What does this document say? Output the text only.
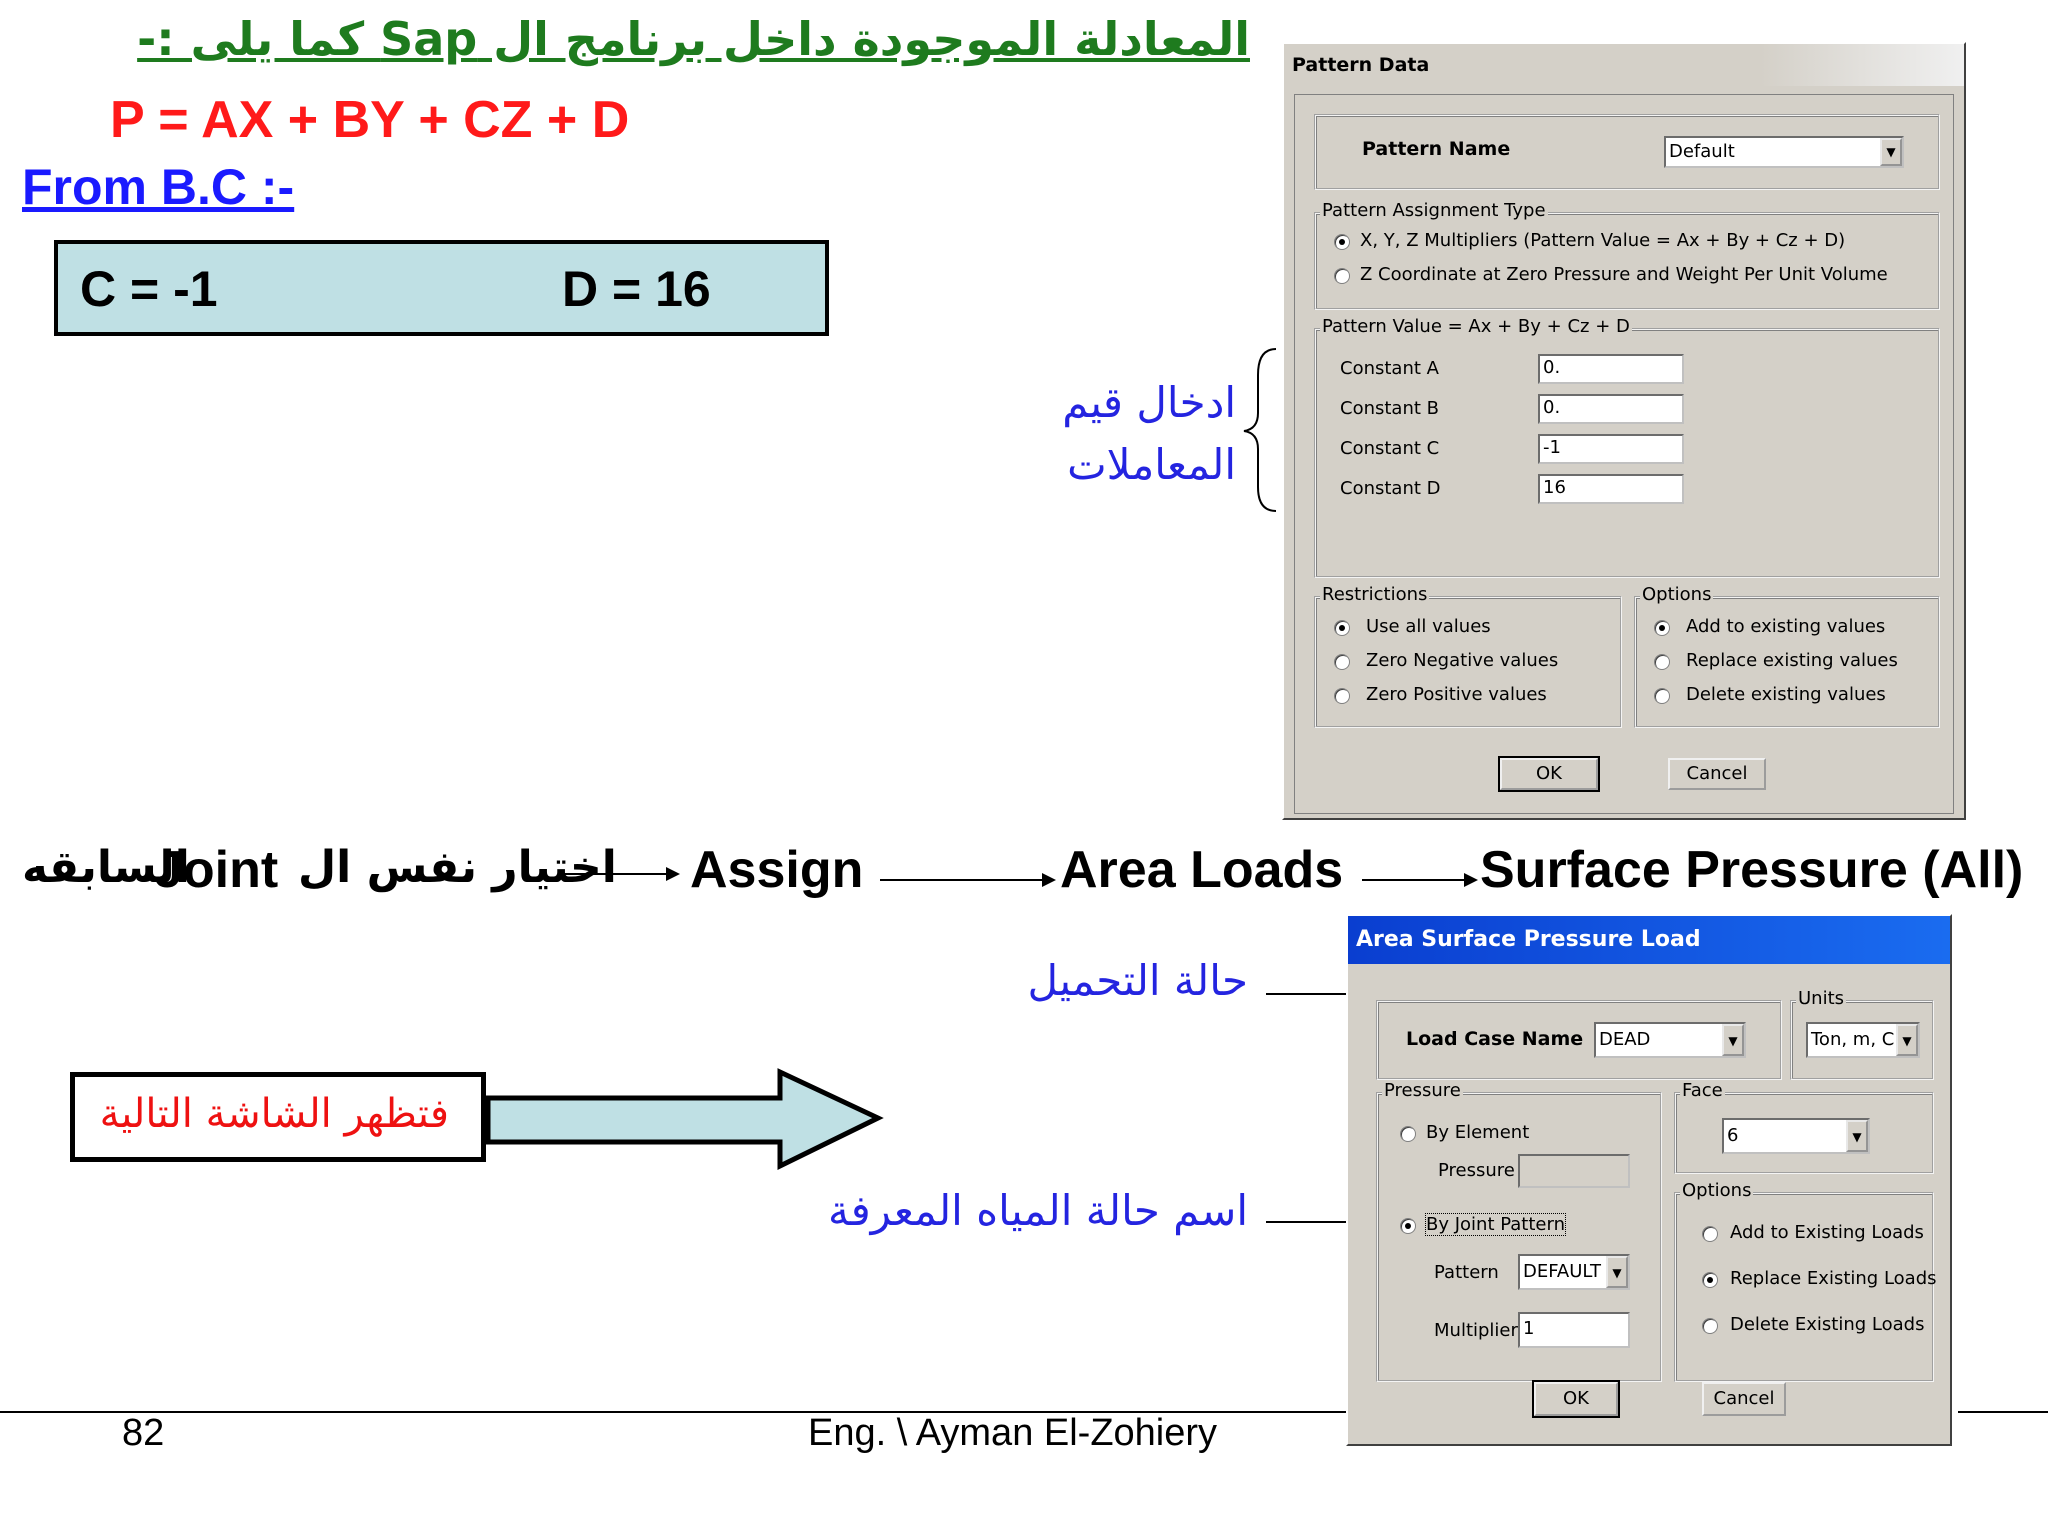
المعادلة الموجودة داخل برنامج ال Sap كما يلى :-
P = AX + BY + CZ + D
From B.C :-
C = -1	D = 16
ادخال قيم
المعاملات
Pattern Data
Pattern Name	Default	▼
Pattern Assignment Type
X, Y, Z Multipliers (Pattern Value = Ax + By + Cz + D)
Z Coordinate at Zero Pressure and Weight Per Unit Volume
Pattern Value = Ax + By + Cz + D
Constant A	0.
Constant B	0.
Constant C	-1
Constant D	16
Restrictions
Use all values
Zero Negative values
Zero Positive values
Options
Add to existing values
Replace existing values
Delete existing values
OK	Cancel
السابقه
Joint اختيار نفس ال Assign	Area Loads	Surface Pressure (All)
حالة التحميل
اسم حالة المياه المعرفة
فتظهر الشاشة التالية
Area Surface Pressure Load
Load Case Name DEAD	▼
Units
Ton, m, C ▼
Pressure
By Element
Pressure
By Joint Pattern
Pattern DEFAULT ▼
Multiplier 1
Face
6	▼
Options
Add to Existing Loads
Replace Existing Loads
Delete Existing Loads
OK	Cancel
82	Eng. \ Ayman El-Zohiery
